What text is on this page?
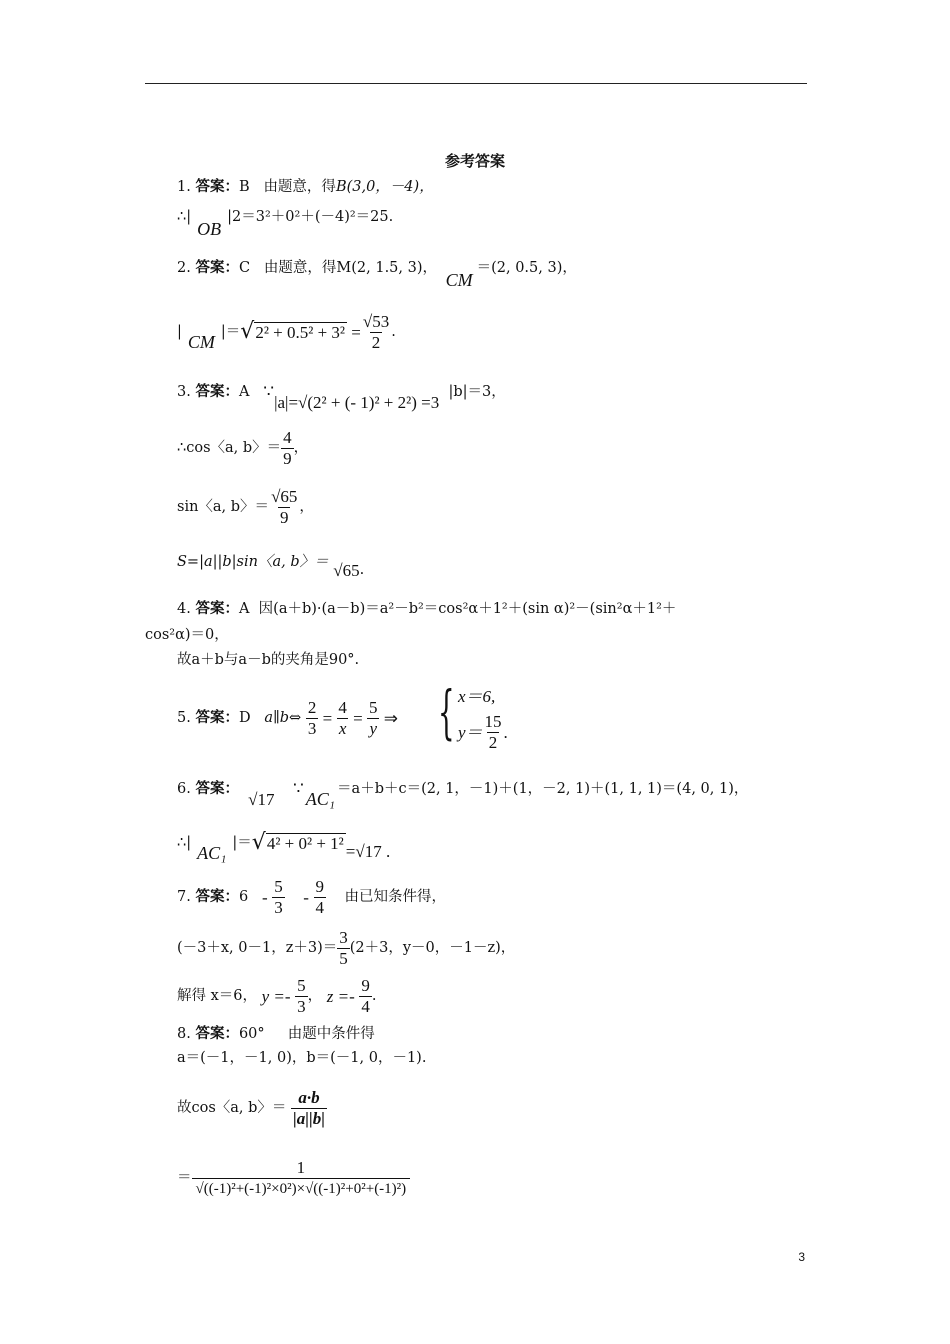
参考答案
1. 答案：B 由题意，得B(3,0，－4)，
∴|OB|2＝3²＋0²＋(－4)²＝25.
2. 答案：C 由题意，得M(2, 1.5, 3)， CM＝(2, 0.5, 3)，
|
CM
|＝ √ $2^2 + 0.5^2 + 3^2 = \frac{√53}{2}$ .
3.
答案： A
∵
|a|=√(2² + (- 1)² + 2²) =3

|b|＝3，
∴cos〈a, b〉＝ $\frac{4}{9}$ ，
sin〈a, b〉＝ $\frac{√65}{9}$ ，
S=|a||b|sin〈a, b〉＝
√65 .
4. 答案：A 因(a＋b)·(a－b)＝a²－b²＝cos²α＋1²＋(sin α)²－(sin²α＋1²＋
cos²α)＝0，
故a＋b与a－b的夹角是90°.
5.
答案： D
a∥b⇔
$\frac{2}{3} = \frac{4}{x} = \frac{5}{y}$ ⇒ { x＝6,
$y= \frac{15}{2}$ .
6.
答案：

√17

∵
AC₁
＝a＋b＋c＝(2, 1，－1)＋(1，－2, 1)＋(1, 1, 1)＝(4, 0, 1)，
∴ |
AC₁
|＝ √ 4² + 0² + 1² =√17 .
7.
答案： 6
-
$\frac{5}{3}$
-
$\frac{9}{4}$
由已知条件得，
(－3＋x, 0－1，$z+3)= \frac{3}{5} (2+3$，y－0，－1－z)，
解得 x＝6，
y =-
$\frac{5}{3}$ ， z =-
$\frac{9}{4}$ .
8. 答案：60° 由题中条件得
a＝(－1，－1, 0)，b＝(－1, 0，－1).
故cos〈a, b〉＝
$\frac{a\cdot b}{|a||b|}$
＝ $\frac{1}{\text{√((-1)²+(-1)²×0²)×√((-1)²+0²+(-1)²)}}$
3
